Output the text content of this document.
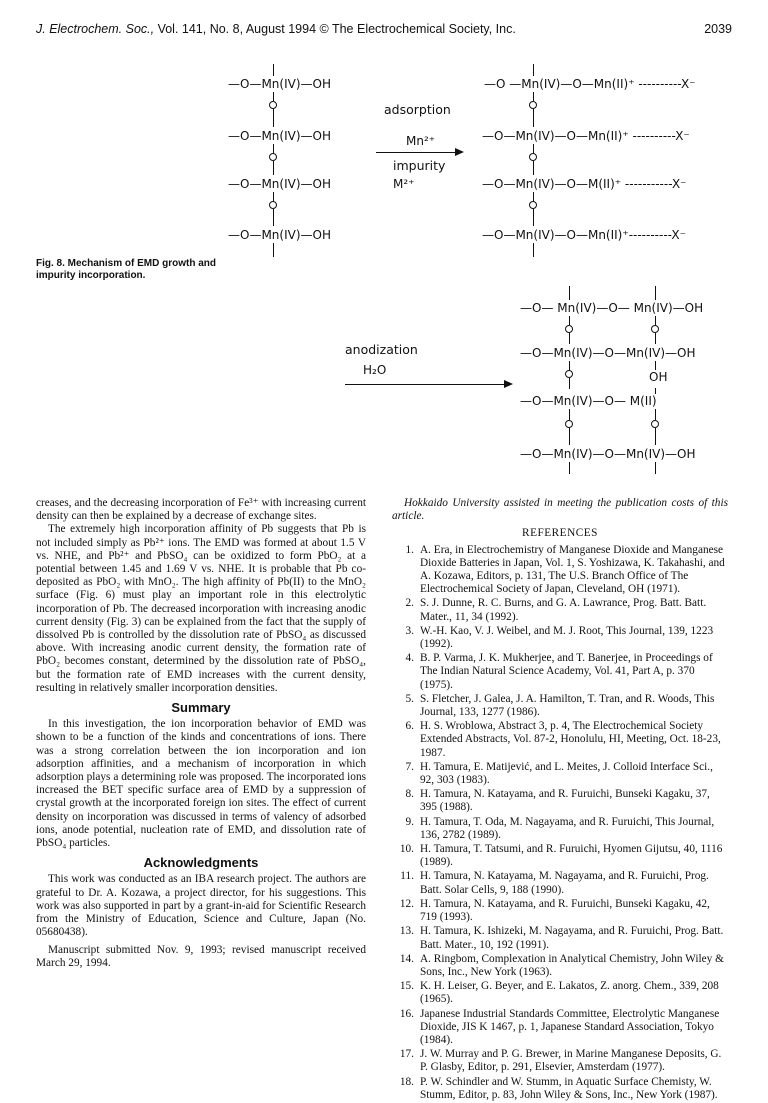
J. Electrochem. Soc., Vol. 141, No. 8, August 1994 © The Electrochemical Society, Inc.	2039
—O—Mn(IV)—OH
—O—Mn(IV)—OH
—O—Mn(IV)—OH
—O—Mn(IV)—OH
adsorption
Mn²⁺
impurity
M²⁺
—O —Mn(IV)—O—Mn(II)⁺ ----------X⁻
—O—Mn(IV)—O—Mn(II)⁺ ----------X⁻
—O—Mn(IV)—O—M(II)⁺ -----------X⁻
—O—Mn(IV)—O—Mn(II)⁺----------X⁻
anodization
H₂O
—O— Mn(IV)—O— Mn(IV)—OH
—O—Mn(IV)—O—Mn(IV)—OH
OH
—O—Mn(IV)—O— M(II)
—O—Mn(IV)—O—Mn(IV)—OH
Fig. 8. Mechanism of EMD growth and impurity incorporation.

creases, and the decreasing incorporation of Fe³⁺ with increasing current density can then be explained by a decrease of exchange sites.

The extremely high incorporation affinity of Pb suggests that Pb is not included simply as Pb²⁺ ions. The EMD was formed at about 1.5 V vs. NHE, and Pb²⁺ and PbSO₄ can be oxidized to form PbO₂ at a potential between 1.45 and 1.69 V vs. NHE. It is probable that Pb co-deposited as PbO₂ with MnO₂. The high affinity of Pb(II) to the MnO₂ surface (Fig. 6) must play an important role in this electrolytic incorporation of Pb. The decreased incorporation with increasing anodic current density (Fig. 3) can be explained from the fact that the supply of dissolved Pb is controlled by the dissolution rate of PbSO₄ as discussed above. With increasing anodic current density, the formation rate of PbO₂ becomes constant, determined by the dissolution rate of PbSO₄, but the formation rate of EMD increases with the current density, resulting in relatively smaller incorporation densities.

Summary

In this investigation, the ion incorporation behavior of EMD was shown to be a function of the kinds and concentrations of ions. There was a strong correlation between the ion incorporation and ion adsorption affinities, and a mechanism of incorporation in which adsorption plays a determining role was proposed. The incorporated ions increased the BET specific surface area of EMD by a suppression of crystal growth at the incorporated foreign ion sites. The effect of current density on incorporation was discussed in terms of valency of adsorbed ions, anode potential, nucleation rate of EMD, and dissolution rate of PbSO₄ particles.

Acknowledgments

This work was conducted as an IBA research project. The authors are grateful to Dr. A. Kozawa, a project director, for his suggestions. This work was also supported in part by a grant-in-aid for Scientific Research from the Ministry of Education, Science and Culture, Japan (No. 05680438).

Manuscript submitted Nov. 9, 1993; revised manuscript received March 29, 1994.

Hokkaido University assisted in meeting the publication costs of this article.

REFERENCES
1. A. Era, in Electrochemistry of Manganese Dioxide and Manganese Dioxide Batteries in Japan, Vol. 1, S. Yoshizawa, K. Takahashi, and A. Kozawa, Editors, p. 131, The U.S. Branch Office of The Electrochemical Society of Japan, Cleveland, OH (1971).
2. S. J. Dunne, R. C. Burns, and G. A. Lawrance, Prog. Batt. Batt. Mater., 11, 34 (1992).
3. W.-H. Kao, V. J. Weibel, and M. J. Root, This Journal, 139, 1223 (1992).
4. B. P. Varma, J. K. Mukherjee, and T. Banerjee, in Proceedings of The Indian Natural Science Academy, Vol. 41, Part A, p. 370 (1975).
5. S. Fletcher, J. Galea, J. A. Hamilton, T. Tran, and R. Woods, This Journal, 133, 1277 (1986).
6. H. S. Wroblowa, Abstract 3, p. 4, The Electrochemical Society Extended Abstracts, Vol. 87-2, Honolulu, HI, Meeting, Oct. 18-23, 1987.
7. H. Tamura, E. Matijević, and L. Meites, J. Colloid Interface Sci., 92, 303 (1983).
8. H. Tamura, N. Katayama, and R. Furuichi, Bunseki Kagaku, 37, 395 (1988).
9. H. Tamura, T. Oda, M. Nagayama, and R. Furuichi, This Journal, 136, 2782 (1989).
10. H. Tamura, T. Tatsumi, and R. Furuichi, Hyomen Gijutsu, 40, 1116 (1989).
11. H. Tamura, N. Katayama, M. Nagayama, and R. Furuichi, Prog. Batt. Solar Cells, 9, 188 (1990).
12. H. Tamura, N. Katayama, and R. Furuichi, Bunseki Kagaku, 42, 719 (1993).
13. H. Tamura, K. Ishizeki, M. Nagayama, and R. Furuichi, Prog. Batt. Batt. Mater., 10, 192 (1991).
14. A. Ringbom, Complexation in Analytical Chemistry, John Wiley & Sons, Inc., New York (1963).
15. K. H. Leiser, G. Beyer, and E. Lakatos, Z. anorg. Chem., 339, 208 (1965).
16. Japanese Industrial Standards Committee, Electrolytic Manganese Dioxide, JIS K 1467, p. 1, Japanese Standard Association, Tokyo (1984).
17. J. W. Murray and P. G. Brewer, in Marine Manganese Deposits, G. P. Glasby, Editor, p. 291, Elsevier, Amsterdam (1977).
18. P. W. Schindler and W. Stumm, in Aquatic Surface Chemisty, W. Stumm, Editor, p. 83, John Wiley & Sons, Inc., New York (1987).
